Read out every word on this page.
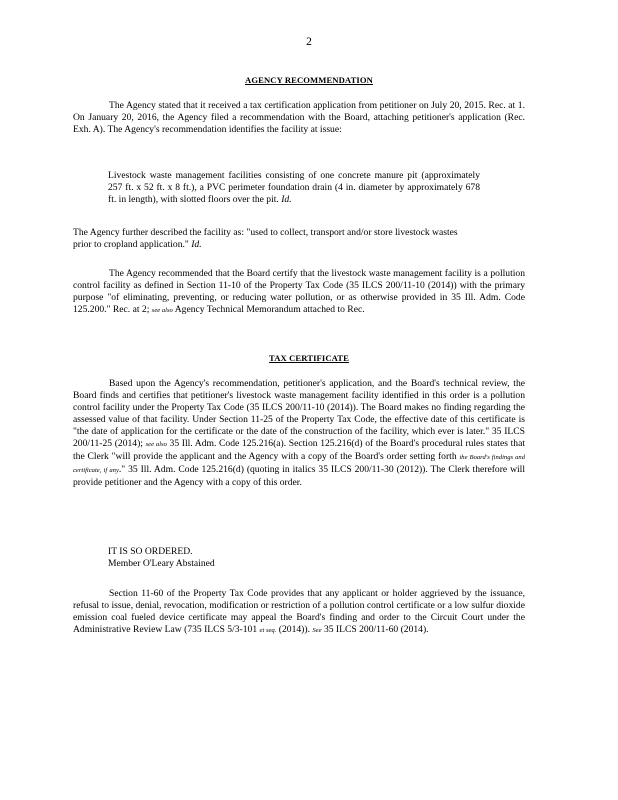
2
AGENCY RECOMMENDATION
The Agency stated that it received a tax certification application from petitioner on July 20, 2015. Rec. at 1. On January 20, 2016, the Agency filed a recommendation with the Board, attaching petitioner's application (Rec. Exh. A). The Agency's recommendation identifies the facility at issue:
Livestock waste management facilities consisting of one concrete manure pit (approximately 257 ft. x 52 ft. x 8 ft.), a PVC perimeter foundation drain (4 in. diameter by approximately 678 ft. in length), with slotted floors over the pit. Id.
The Agency further described the facility as: "used to collect, transport and/or store livestock wastes prior to cropland application." Id.
The Agency recommended that the Board certify that the livestock waste management facility is a pollution control facility as defined in Section 11-10 of the Property Tax Code (35 ILCS 200/11-10 (2014)) with the primary purpose "of eliminating, preventing, or reducing water pollution, or as otherwise provided in 35 Ill. Adm. Code 125.200." Rec. at 2; see also Agency Technical Memorandum attached to Rec.
TAX CERTIFICATE
Based upon the Agency's recommendation, petitioner's application, and the Board's technical review, the Board finds and certifies that petitioner's livestock waste management facility identified in this order is a pollution control facility under the Property Tax Code (35 ILCS 200/11-10 (2014)). The Board makes no finding regarding the assessed value of that facility. Under Section 11-25 of the Property Tax Code, the effective date of this certificate is "the date of application for the certificate or the date of the construction of the facility, which ever is later." 35 ILCS 200/11-25 (2014); see also 35 Ill. Adm. Code 125.216(a). Section 125.216(d) of the Board's procedural rules states that the Clerk "will provide the applicant and the Agency with a copy of the Board's order setting forth the Board's findings and certificate, if any." 35 Ill. Adm. Code 125.216(d) (quoting in italics 35 ILCS 200/11-30 (2012)). The Clerk therefore will provide petitioner and the Agency with a copy of this order.
IT IS SO ORDERED.
Member O'Leary Abstained
Section 11-60 of the Property Tax Code provides that any applicant or holder aggrieved by the issuance, refusal to issue, denial, revocation, modification or restriction of a pollution control certificate or a low sulfur dioxide emission coal fueled device certificate may appeal the Board's finding and order to the Circuit Court under the Administrative Review Law (735 ILCS 5/3-101 et seq. (2014)). See 35 ILCS 200/11-60 (2014).
